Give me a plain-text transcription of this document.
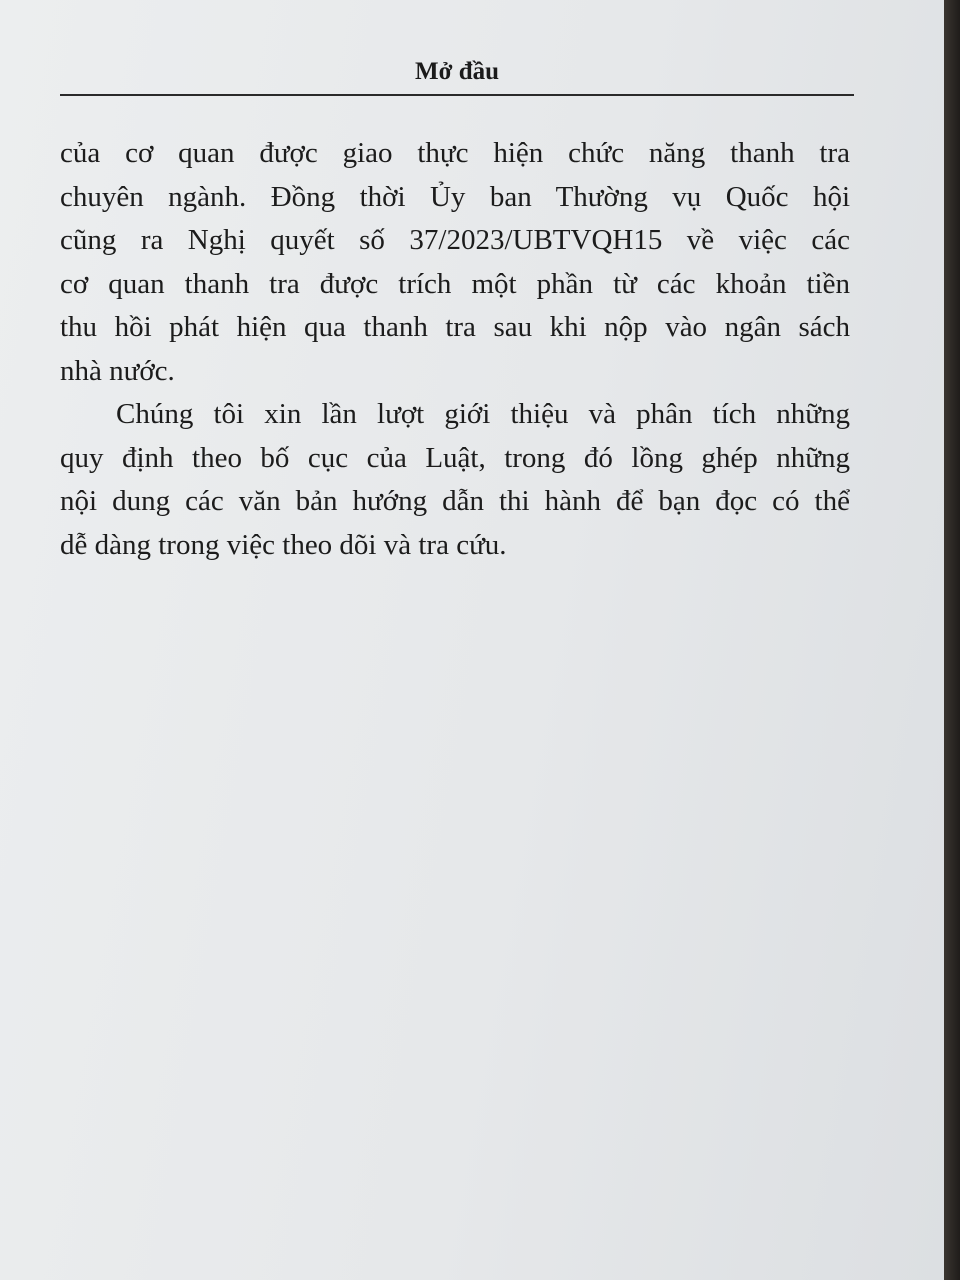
Mở đầu

của cơ quan được giao thực hiện chức năng thanh tra
chuyên ngành. Đồng thời Ủy ban Thường vụ Quốc hội
cũng ra Nghị quyết số 37/2023/UBTVQH15 về việc các
cơ quan thanh tra được trích một phần từ các khoản tiền
thu hồi phát hiện qua thanh tra sau khi nộp vào ngân sách
nhà nước.
Chúng tôi xin lần lượt giới thiệu và phân tích những
quy định theo bố cục của Luật, trong đó lồng ghép những
nội dung các văn bản hướng dẫn thi hành để bạn đọc có thể
dễ dàng trong việc theo dõi và tra cứu.
